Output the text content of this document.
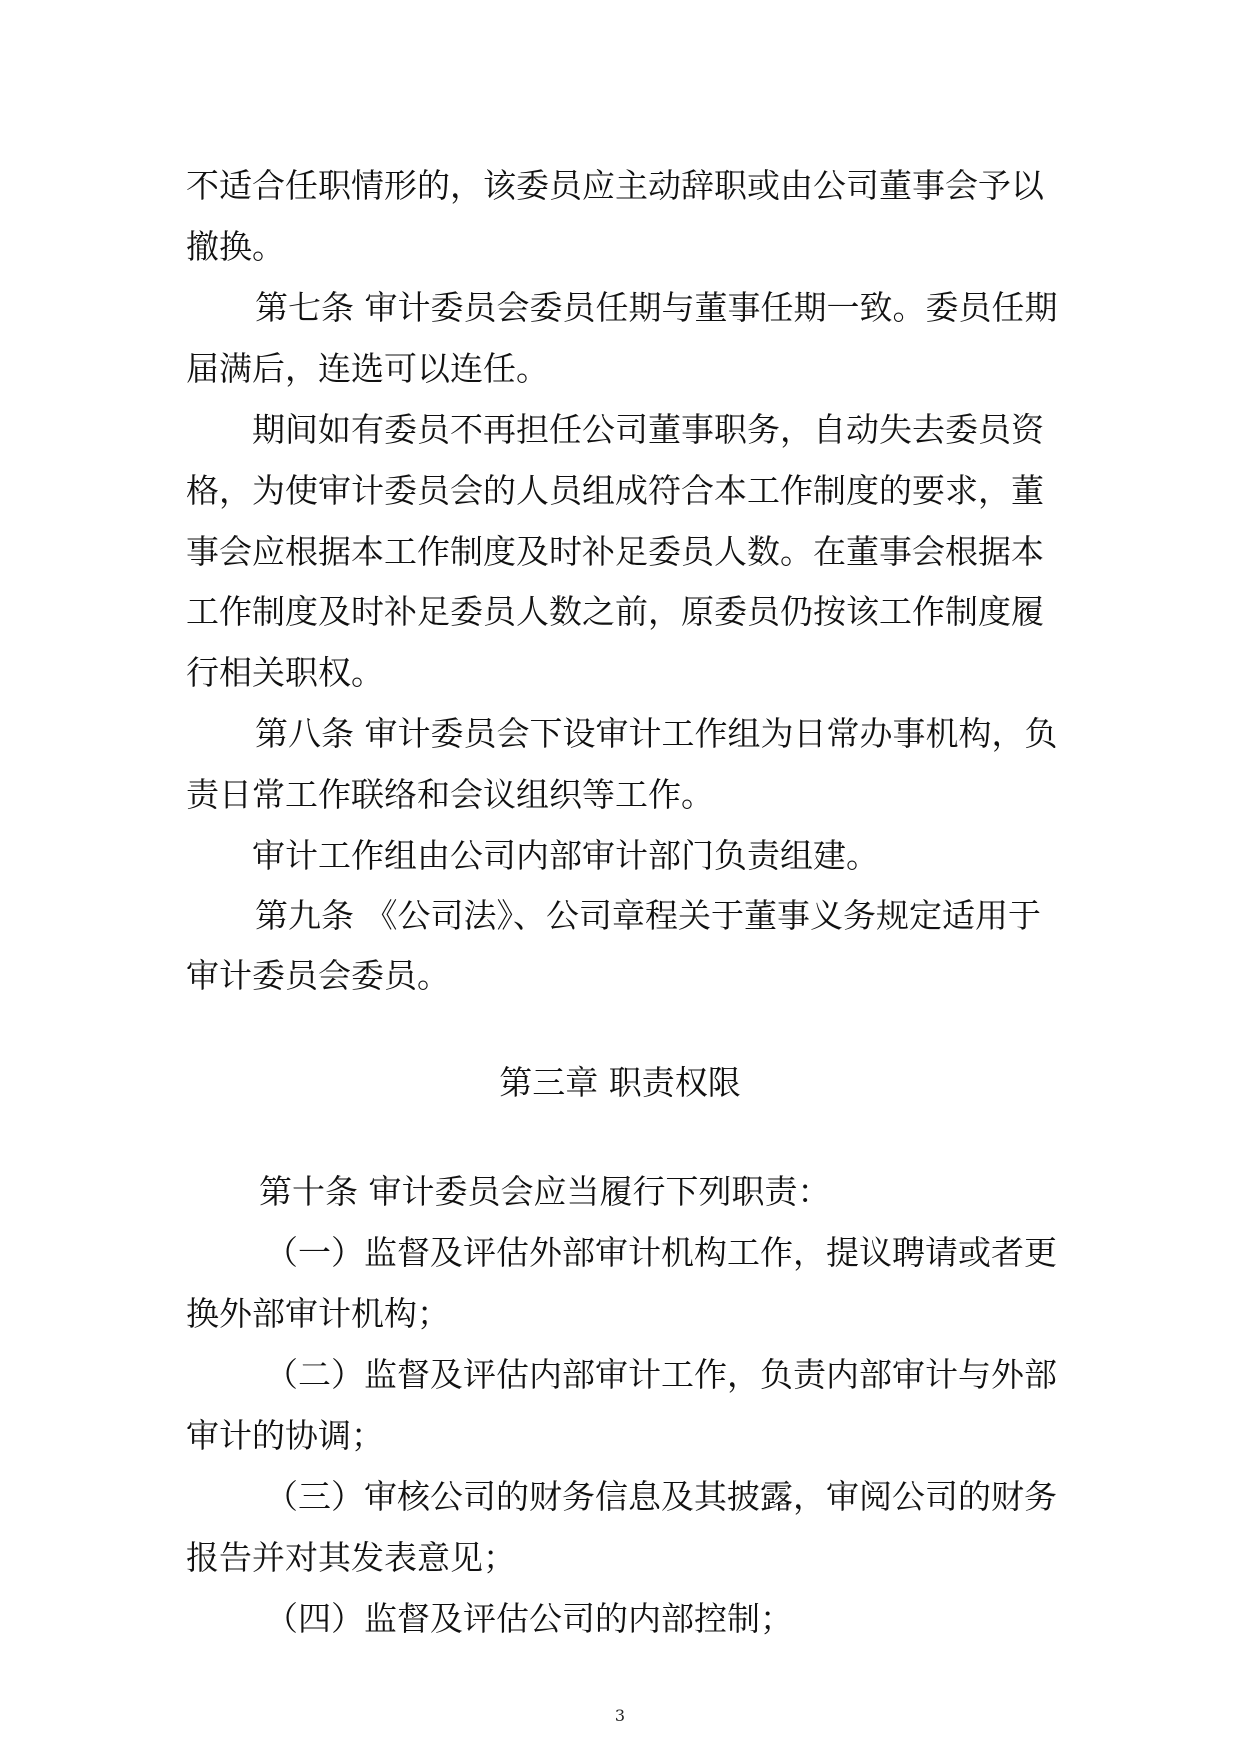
不适合任职情形的，该委员应主动辞职或由公司董事会予以
撤换。
第七条 审计委员会委员任期与董事任期一致。委员任期
届满后，连选可以连任。
期间如有委员不再担任公司董事职务，自动失去委员资
格，为使审计委员会的人员组成符合本工作制度的要求，董
事会应根据本工作制度及时补足委员人数。在董事会根据本
工作制度及时补足委员人数之前，原委员仍按该工作制度履
行相关职权。
第八条 审计委员会下设审计工作组为日常办事机构，负
责日常工作联络和会议组织等工作。
审计工作组由公司内部审计部门负责组建。
第九条 《公司法》、公司章程关于董事义务规定适用于
审计委员会委员。
第三章 职责权限
第十条 审计委员会应当履行下列职责：
（一）监督及评估外部审计机构工作，提议聘请或者更
换外部审计机构；
（二）监督及评估内部审计工作，负责内部审计与外部
审计的协调；
（三）审核公司的财务信息及其披露，审阅公司的财务
报告并对其发表意见；
（四）监督及评估公司的内部控制；
3
